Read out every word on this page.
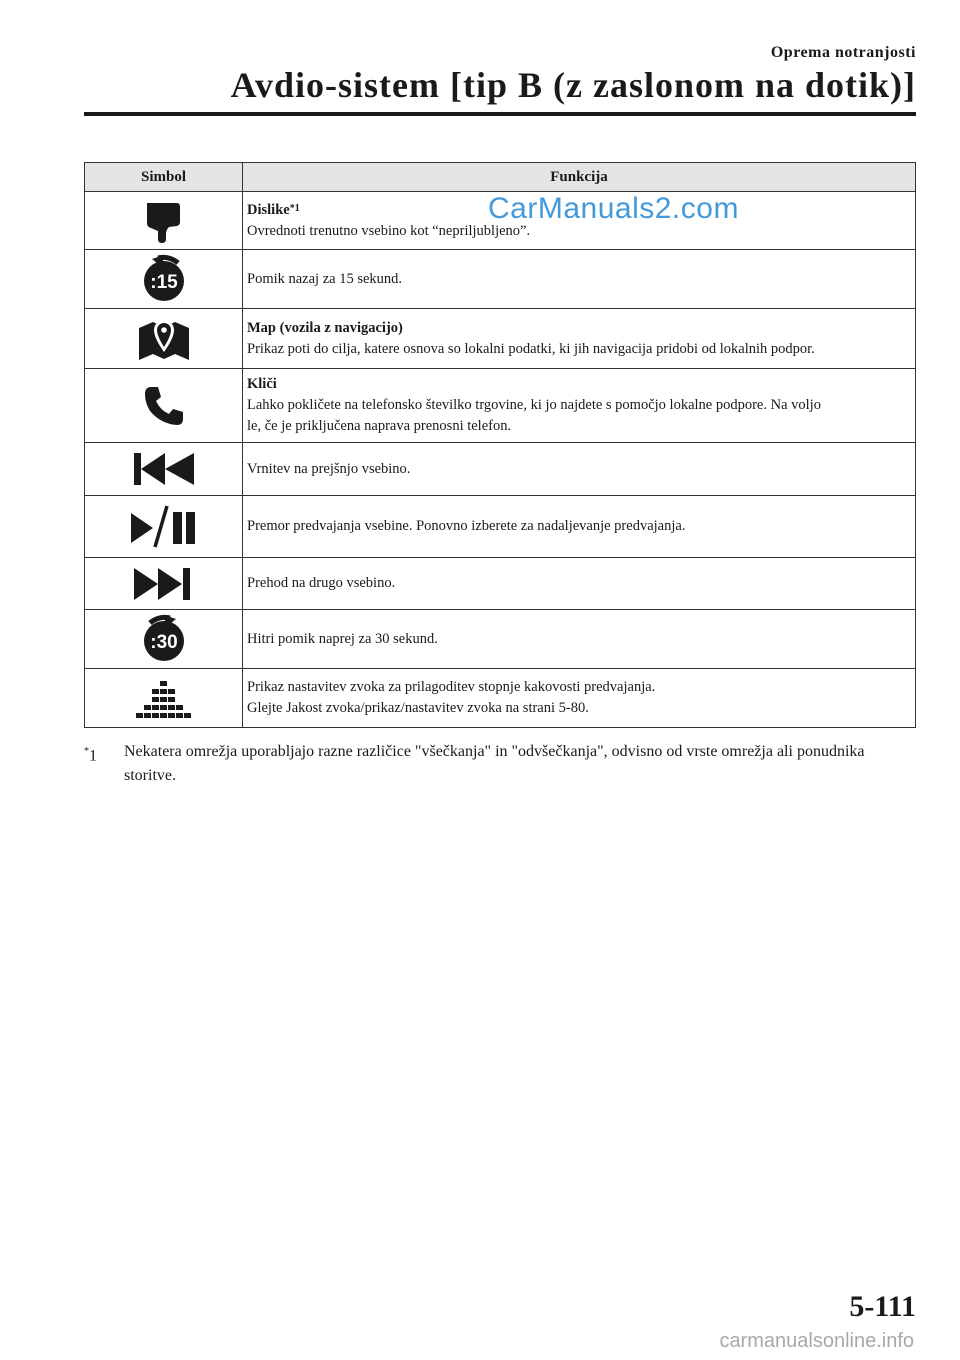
Oprema notranjosti
Avdio-sistem [tip B (z zaslonom na dotik)]
Simbol	Funkcija

Dislike$^{*1}$
Ovrednoti trenutno vsebino kot “nepriljubljeno”.

:15	Pomik nazaj za 15 sekund.

Map (vozila z navigacijo)
Prikaz poti do cilja, katere osnova so lokalni podatki, ki jih navigacija pridobi od lokalnih podpor.

Kliči
Lahko pokličete na telefonsko številko trgovine, ki jo najdete s pomočjo lokalne podpore. Na voljo
le, če je priključena naprava prenosni telefon.

Vrnitev na prejšnjo vsebino.

Premor predvajanja vsebine. Ponovno izberete za nadaljevanje predvajanja.

Prehod na drugo vsebino.

:30	Hitri pomik naprej za 30 sekund.

Prikaz nastavitev zvoka za prilagoditev stopnje kakovosti predvajanja.
Glejte Jakost zvoka/prikaz/nastavitev zvoka na strani 5-80.
CarManuals2.com
*1	Nekatera omrežja uporabljajo razne različice "všečkanja" in "odvšečkanja", odvisno od vrste omrežja ali ponudnika storitve.
5-111
carmanualsonline.info
